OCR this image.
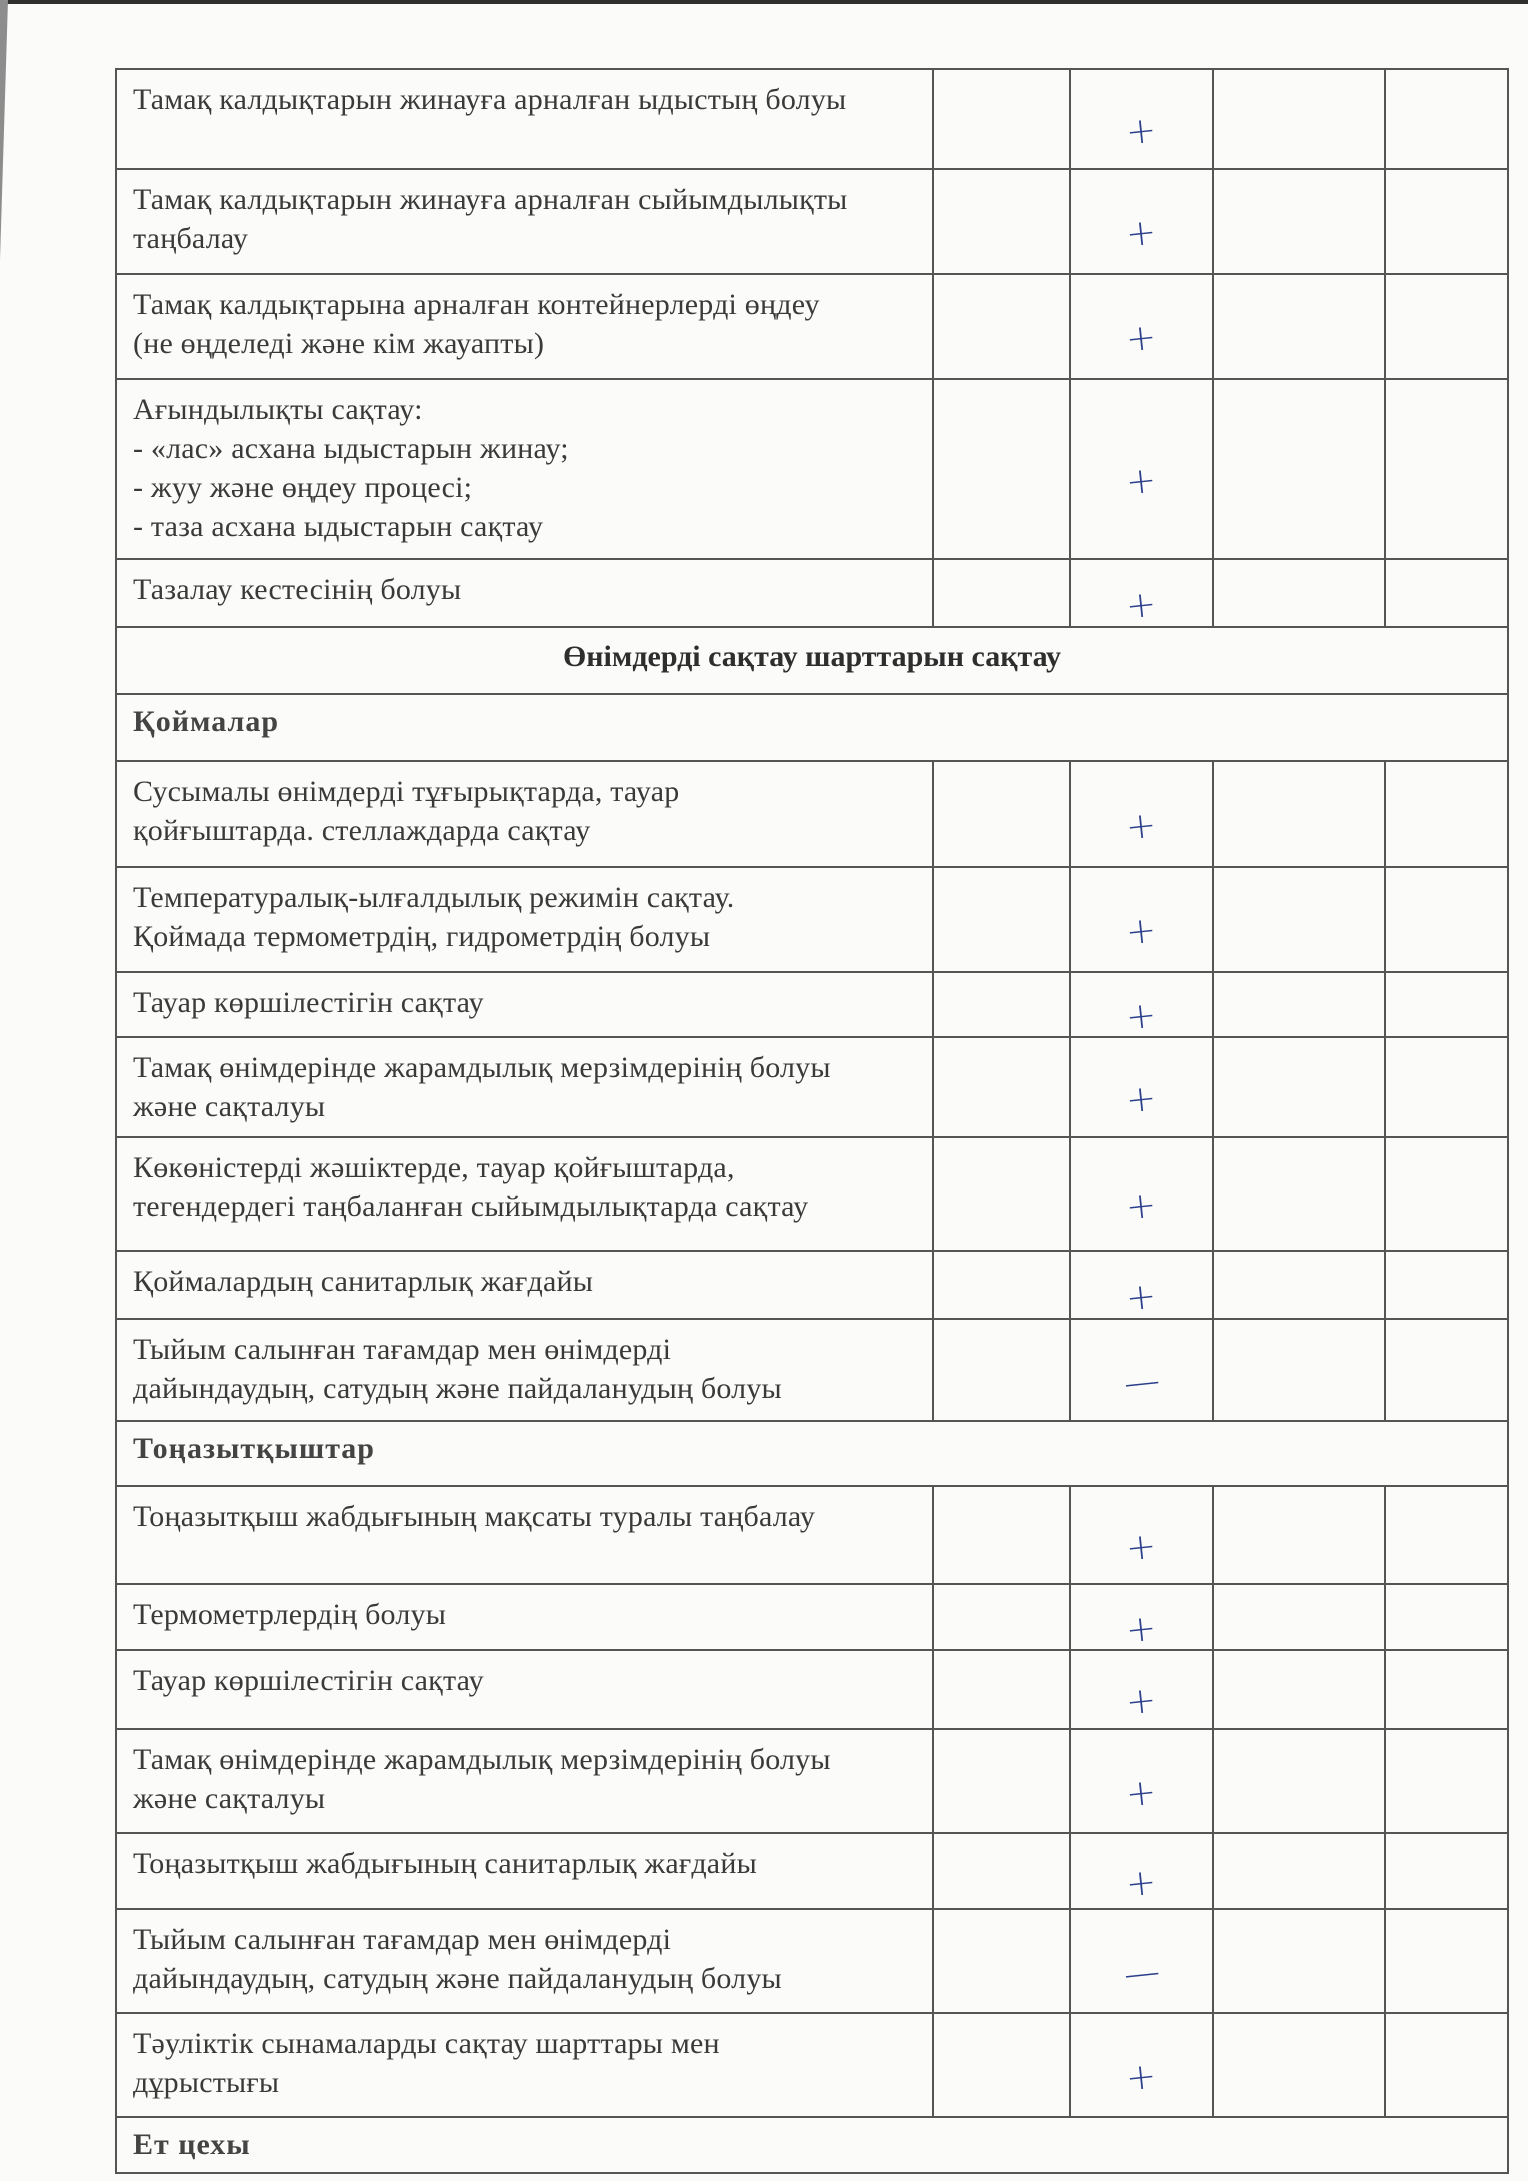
Тамақ калдықтарын жинауға арналған ыдыстың болуы		+		

Тамақ калдықтарын жинауға арналған сыйымдылықты
таңбалау		+		

Тамақ калдықтарына арналған контейнерлерді өңдеу
(не өңделеді және кім жауапты)		+		

Ағындылықты сақтау:
- «лас» асхана ыдыстарын жинау;
- жуу және өңдеу процесі;
- таза асхана ыдыстарын сақтау		+		

Тазалау кестесінің болуы		+		
Өнімдерді сақтау шарттарын сақтау				
Қоймалар				

Сусымалы өнімдерді тұғырықтарда, тауар
қойғыштарда. стеллаждарда сақтау		+		

Температуралық-ылғалдылық режимін сақтау.
Қоймада термометрдің, гидрометрдің болуы		+		

Тауар көршілестігін сақтау		+		

Тамақ өнімдерінде жарамдылық мерзімдерінің болуы
және сақталуы		+		

Көкөністерді жәшіктерде, тауар қойғыштарда,
тегендердегі таңбаланған сыйымдылықтарда сақтау		+		

Қоймалардың санитарлық жағдайы		+		

Тыйым салынған тағамдар мен өнімдерді
дайындаудың, сатудың және пайдаланудың болуы		—		
Тоңазытқыштар				

Тоңазытқыш жабдығының мақсаты туралы таңбалау		+		

Термометрлердің болуы		+		

Тауар көршілестігін сақтау		+		

Тамақ өнімдерінде жарамдылық мерзімдерінің болуы
және сақталуы		+		

Тоңазытқыш жабдығының санитарлық жағдайы		+		

Тыйым салынған тағамдар мен өнімдерді
дайындаудың, сатудың және пайдаланудың болуы		—		

Тәуліктік сынамаларды сақтау шарттары мен
дұрыстығы		+		
Ет цехы				
